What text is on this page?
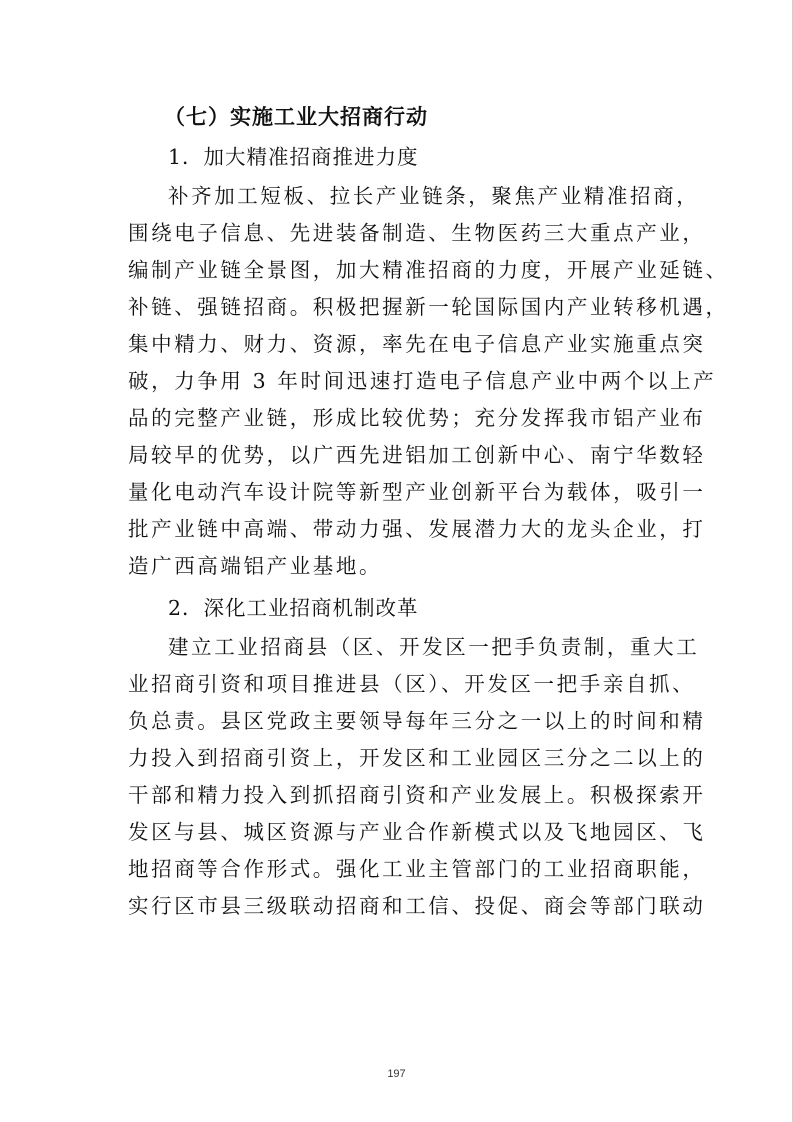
（七）实施工业大招商行动
1．加大精准招商推进力度
补齐加工短板、拉长产业链条，聚焦产业精准招商，
围绕电子信息、先进装备制造、生物医药三大重点产业，
编制产业链全景图，加大精准招商的力度，开展产业延链、
补链、强链招商。积极把握新一轮国际国内产业转移机遇，
集中精力、财力、资源，率先在电子信息产业实施重点突
破，力争用 3 年时间迅速打造电子信息产业中两个以上产
品的完整产业链，形成比较优势；充分发挥我市铝产业布
局较早的优势，以广西先进铝加工创新中心、南宁华数轻
量化电动汽车设计院等新型产业创新平台为载体，吸引一
批产业链中高端、带动力强、发展潜力大的龙头企业，打
造广西高端铝产业基地。
2．深化工业招商机制改革
建立工业招商县（区、开发区一把手负责制，重大工
业招商引资和项目推进县（区）、开发区一把手亲自抓、
负总责。县区党政主要领导每年三分之一以上的时间和精
力投入到招商引资上，开发区和工业园区三分之二以上的
干部和精力投入到抓招商引资和产业发展上。积极探索开
发区与县、城区资源与产业合作新模式以及飞地园区、飞
地招商等合作形式。强化工业主管部门的工业招商职能，
实行区市县三级联动招商和工信、投促、商会等部门联动
197
